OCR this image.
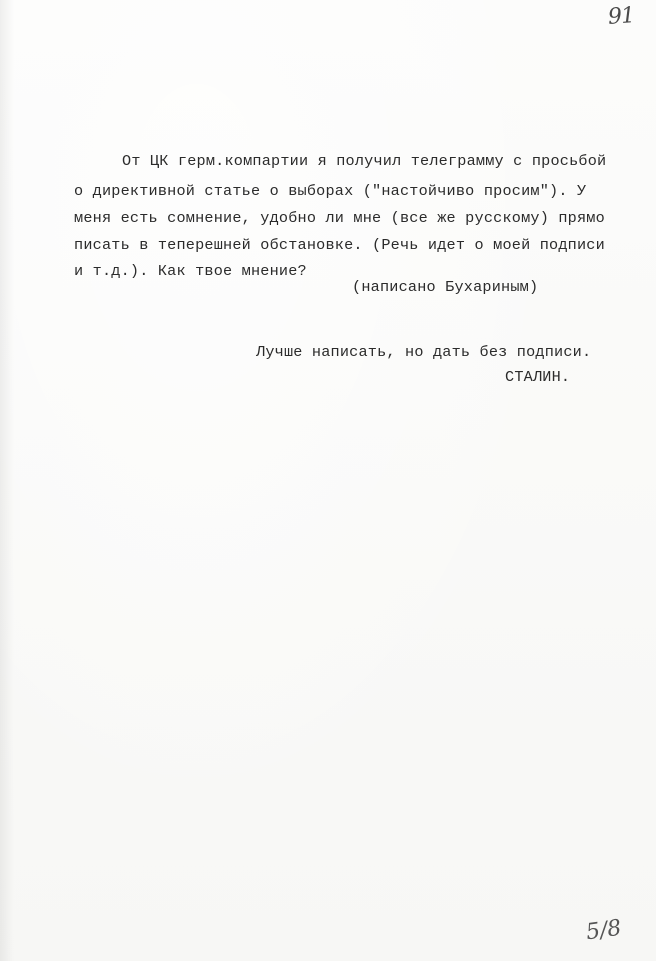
91
От ЦК герм.компартии я получил телеграмму с просьбой
о директивной статье о выборах ("настойчиво просим"). У
меня есть сомнение, удобно ли мне (все же русскому) прямо
писать в теперешней обстановке. (Речь идет о моей подписи
и т.д.). Как твое мнение?
(написано Бухариным)
Лучше написать, но дать без подписи.
СТАЛИН.
5/8
